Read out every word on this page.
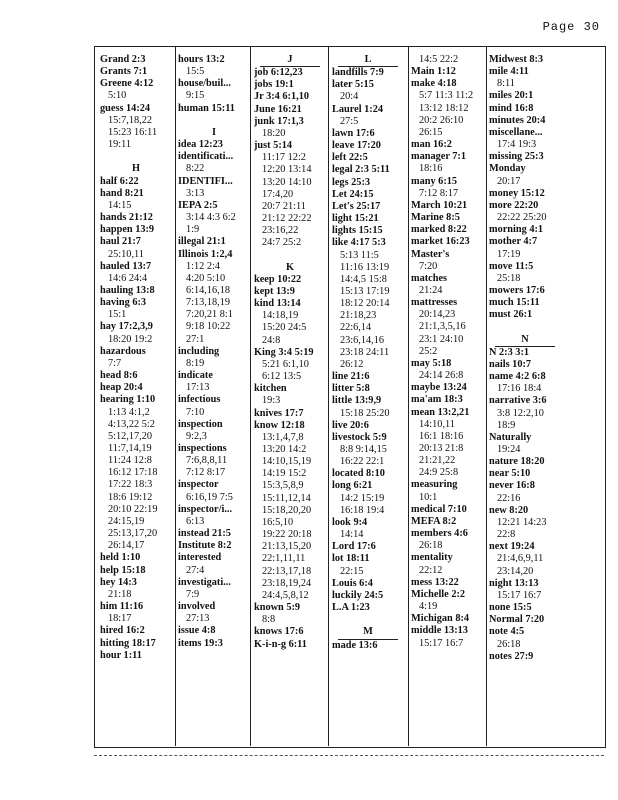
Page 30
Grand 2:3
Grants 7:1
Greene 4:12
5:10
guess 14:24
15:7,18,22
15:23 16:11
19:11

H
half 6:22
hand 8:21
14:15
hands 21:12
happen 13:9
haul 21:7
25:10,11
hauled 13:7
14:6 24:4
hauling 13:8
having 6:3
15:1
hay 17:2,3,9
18:20 19:2
hazardous
7:7
head 8:6
heap 20:4
hearing 1:10
1:13 4:1,2
4:13,22 5:2
5:12,17,20
11:7,14,19
11:24 12:8
16:12 17:18
17:22 18:3
18:6 19:12
20:10 22:19
24:15,19
25:13,17,20
26:14,17
held 1:10
help 15:18
hey 14:3
21:18
him 11:16
18:17
hired 16:2
hitting 18:17
hour 1:11
hours 13:2
15:5
house/buil...
9:15
human 15:11

I
idea 12:23
identificati...
8:22
IDENTIFI...
3:13
IEPA 2:5
3:14 4:3 6:2
1:9
illegal 21:1
Illinois 1:2,4
1:12 2:4
4:20 5:10
6:14,16,18
7:13,18,19
7:20,21 8:1
9:18 10:22
27:1
including
8:19
indicate
17:13
infectious
7:10
inspection
9:2,3
inspections
7:6,8,8,11
7:12 8:17
inspector
6:16,19 7:5
inspector/i...
6:13
instead 21:5
Institute 8:2
interested
27:4
investigati...
7:9
involved
27:13
issue 4:8
items 19:3
J
job 6:12,23
jobs 19:1
Jr 3:4 6:1,10
June 16:21
junk 17:1,3
18:20
just 5:14
11:17 12:2
12:20 13:14
13:20 14:10
17:4,20
20:7 21:11
21:12 22:22
23:16,22
24:7 25:2

K
keep 10:22
kept 13:9
kind 13:14
14:18,19
15:20 24:5
24:8
King 3:4 5:19
5:21 6:1,10
6:12 13:5
kitchen
19:3
knives 17:7
know 12:18
13:1,4,7,8
13:20 14:2
14:10,15,19
14:19 15:2
15:3,5,8,9
15:11,12,14
15:18,20,20
16:5,10
19:22 20:18
21:13,15,20
22:1,11,11
22:13,17,18
23:18,19,24
24:4,5,8,12
known 5:9
8:8
knows 17:6
K-i-n-g 6:11
L
landfills 7:9
later 5:15
20:4
Laurel 1:24
27:5
lawn 17:6
leave 17:20
left 22:5
legal 2:3 5:11
legs 25:3
Let 24:15
Let's 25:17
light 15:21
lights 15:15
like 4:17 5:3
5:13 11:5
11:16 13:19
14:4,5 15:8
15:13 17:19
18:12 20:14
21:18,23
22:6,14
23:6,14,16
23:18 24:11
26:12
line 21:6
litter 5:8
little 13:9,9
15:18 25:20
live 20:6
livestock 5:9
8:8 9:14,15
16:22 22:1
located 8:10
long 6:21
14:2 15:19
16:18 19:4
look 9:4
14:14
Lord 17:6
lot 18:11
22:15
Louis 6:4
luckily 24:5
L.A 1:23

M
made 13:6
14:5 22:2
Main 1:12
make 4:18
5:7 11:3 11:2
13:12 18:12
20:2 26:10
26:15
man 16:2
manager 7:1
18:16
many 6:15
7:12 8:17
March 10:21
Marine 8:5
marked 8:22
market 16:23
Master's
7:20
matches
21:24
mattresses
20:14,23
21:1,3,5,16
23:1 24:10
25:2
may 5:18
24:14 26:8
maybe 13:24
ma'am 18:3
mean 13:2,21
14:10,11
16:1 18:16
20:13 21:8
21:21,22
24:9 25:8
measuring
10:1
medical 7:10
MEFA 8:2
members 4:6
26:18
mentality
22:12
mess 13:22
Michelle 2:2
4:19
Michigan 8:4
middle 13:13
15:17 16:7
Midwest 8:3
mile 4:11
8:11
miles 20:1
mind 16:8
minutes 20:4
miscellane...
17:4 19:3
missing 25:3
Monday
20:17
money 15:12
more 22:20
22:22 25:20
morning 4:1
mother 4:7
17:19
move 11:5
25:18
mowers 17:6
much 15:11
must 26:1

N
N 2:3 3:1
nails 10:7
name 4:2 6:8
17:16 18:4
narrative 3:6
3:8 12:2,10
18:9
Naturally
19:24
nature 18:20
near 5:10
never 16:8
22:16
new 8:20
12:21 14:23
22:8
next 19:24
21:4,6,9,11
23:14,20
night 13:13
15:17 16:7
none 15:5
Normal 7:20
note 4:5
26:18
notes 27:9
